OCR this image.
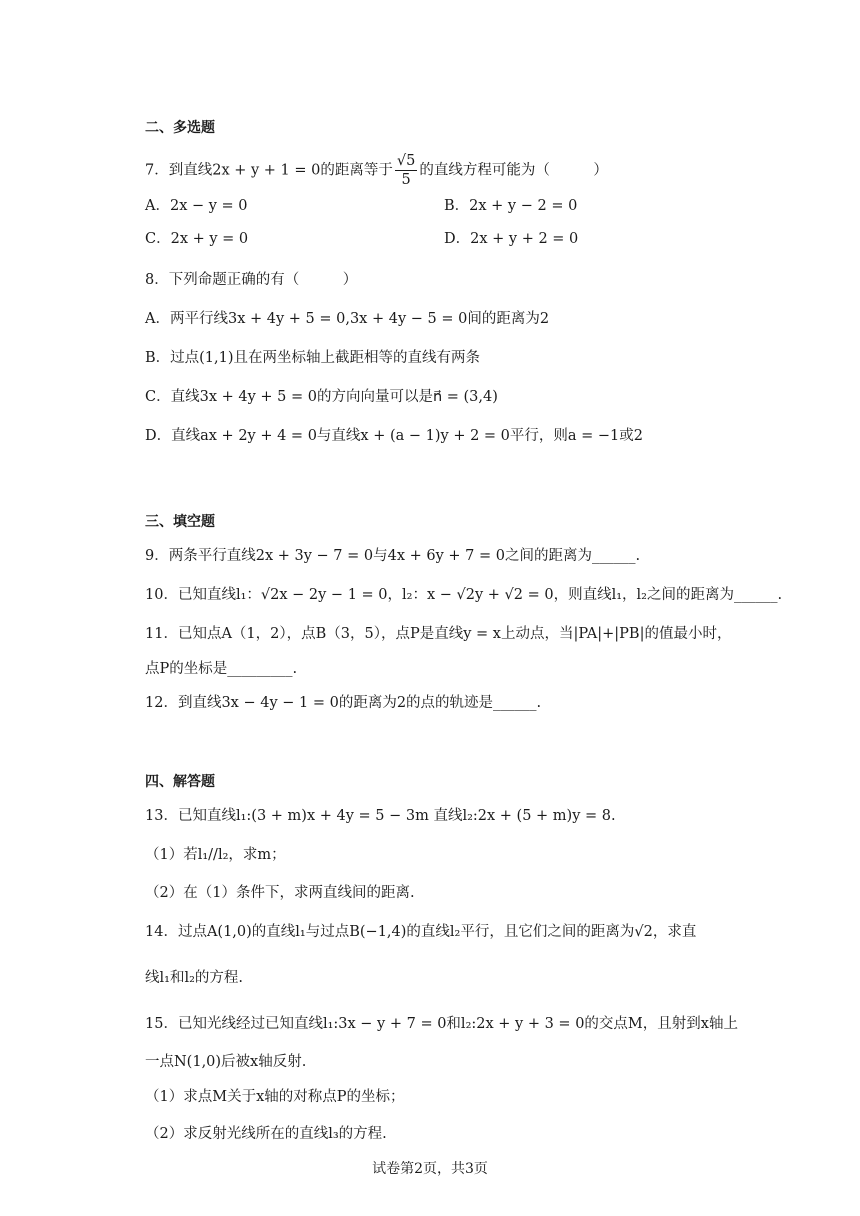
二、多选题
7．到直线2x + y + 1 = 0的距离等于 $\frac{√5}{5}$ 的直线方程可能为（　　　）
A．2x − y = 0	B．2x + y − 2 = 0
C．2x + y = 0	D．2x + y + 2 = 0
8．下列命题正确的有（　　　）
A．两平行线3x + 4y + 5 = 0,3x + 4y − 5 = 0间的距离为2
B．过点(1,1)且在两坐标轴上截距相等的直线有两条
C．直线3x + 4y + 5 = 0的方向向量可以是n⃗ = (3,4)
D．直线ax + 2y + 4 = 0与直线x + (a − 1)y + 2 = 0平行，则a = −1或2
三、填空题
9．两条平行直线2x + 3y − 7 = 0与4x + 6y + 7 = 0之间的距离为______.
10．已知直线l₁：√2x − 2y − 1 = 0，l₂：x − √2y + √2 = 0，则直线l₁，l₂之间的距离为______.
11．已知点A（1，2），点B（3，5），点P是直线y = x上动点，当|PA|+|PB|的值最小时，
点P的坐标是_________.
12．到直线3x − 4y − 1 = 0的距离为2的点的轨迹是______.
四、解答题
13．已知直线l₁:(3 + m)x + 4y = 5 − 3m 直线l₂:2x + (5 + m)y = 8.
（1）若l₁//l₂，求m；
（2）在（1）条件下，求两直线间的距离.
14．过点A(1,0)的直线l₁与过点B(−1,4)的直线l₂平行，且它们之间的距离为√2，求直
线l₁和l₂的方程.
15．已知光线经过已知直线l₁:3x − y + 7 = 0和l₂:2x + y + 3 = 0的交点M，且射到x轴上
一点N(1,0)后被x轴反射.
（1）求点M关于x轴的对称点P的坐标；
（2）求反射光线所在的直线l₃的方程.
试卷第2页，共3页
